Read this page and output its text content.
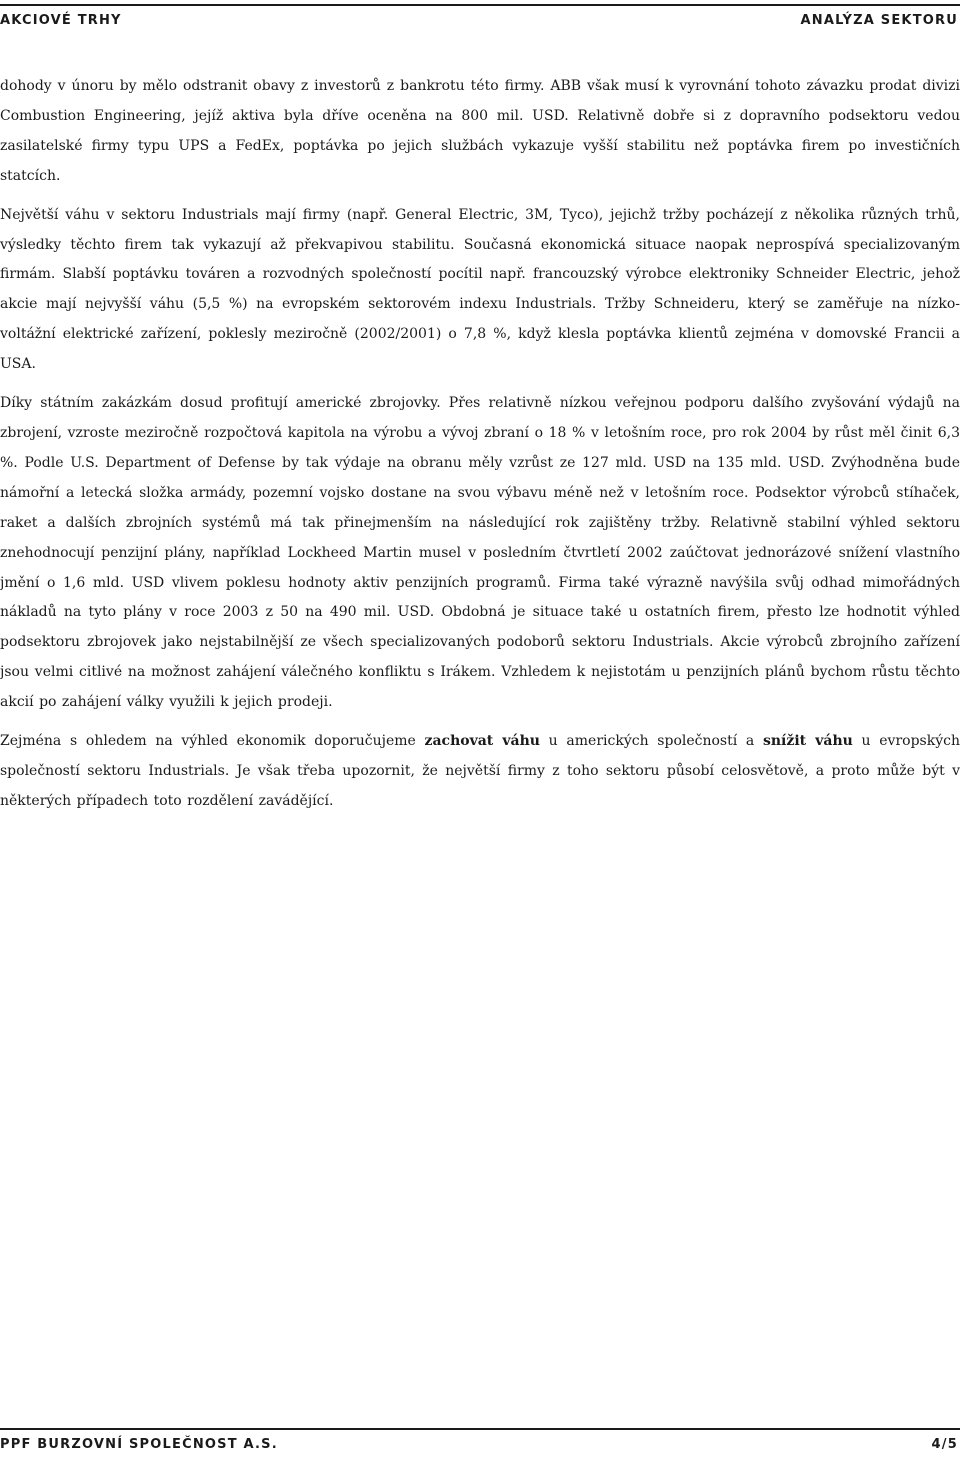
AKCIOVÉ TRHY	ANALÝZA SEKTORU

dohody v únoru by mělo odstranit obavy z investorů z bankrotu této firmy. ABB však musí k vyrovnání tohoto závazku prodat divizi Combustion Engineering, jejíž aktiva byla dříve oceněna na 800 mil. USD. Relativně dobře si z dopravního podsektoru vedou zasilatelské firmy typu UPS a FedEx, poptávka po jejich službách vykazuje vyšší stabilitu než poptávka firem po investičních statcích.

Největší váhu v sektoru Industrials mají firmy (např. General Electric, 3M, Tyco), jejichž tržby pocházejí z několika různých trhů, výsledky těchto firem tak vykazují až překvapivou stabilitu. Současná ekonomická situace naopak neprospívá specializovaným firmám. Slabší poptávku továren a rozvodných společností pocítil např. francouzský výrobce elektroniky Schneider Electric, jehož akcie mají nejvyšší váhu (5,5 %) na evropském sektorovém indexu Industrials. Tržby Schneideru, který se zaměřuje na nízko-voltážní elektrické zařízení, poklesly meziročně (2002/2001) o 7,8 %, když klesla poptávka klientů zejména v domovské Francii a USA.

Díky státním zakázkám dosud profitují americké zbrojovky. Přes relativně nízkou veřejnou podporu dalšího zvyšování výdajů na zbrojení, vzroste meziročně rozpočtová kapitola na výrobu a vývoj zbraní o 18 % v letošním roce, pro rok 2004 by růst měl činit 6,3 %. Podle U.S. Department of Defense by tak výdaje na obranu měly vzrůst ze 127 mld. USD na 135 mld. USD. Zvýhodněna bude námořní a letecká složka armády, pozemní vojsko dostane na svou výbavu méně než v letošním roce. Podsektor výrobců stíhaček, raket a dalších zbrojních systémů má tak přinejmenším na následující rok zajištěny tržby. Relativně stabilní výhled sektoru znehodnocují penzijní plány, například Lockheed Martin musel v posledním čtvrtletí 2002 zaúčtovat jednorázové snížení vlastního jmění o 1,6 mld. USD vlivem poklesu hodnoty aktiv penzijních programů. Firma také výrazně navýšila svůj odhad mimořádných nákladů na tyto plány v roce 2003 z 50 na 490 mil. USD. Obdobná je situace také u ostatních firem, přesto lze hodnotit výhled podsektoru zbrojovek jako nejstabilnější ze všech specializovaných podoborů sektoru Industrials. Akcie výrobců zbrojního zařízení jsou velmi citlivé na možnost zahájení válečného konfliktu s Irákem. Vzhledem k nejistotám u penzijních plánů bychom růstu těchto akcií po zahájení války využili k jejich prodeji.

Zejména s ohledem na výhled ekonomik doporučujeme zachovat váhu u amerických společností a snížit váhu u evropských společností sektoru Industrials. Je však třeba upozornit, že největší firmy z toho sektoru působí celosvětově, a proto může být v některých případech toto rozdělení zavádějící.

PPF BURZOVNÍ SPOLEČNOST A.S.	4/5
